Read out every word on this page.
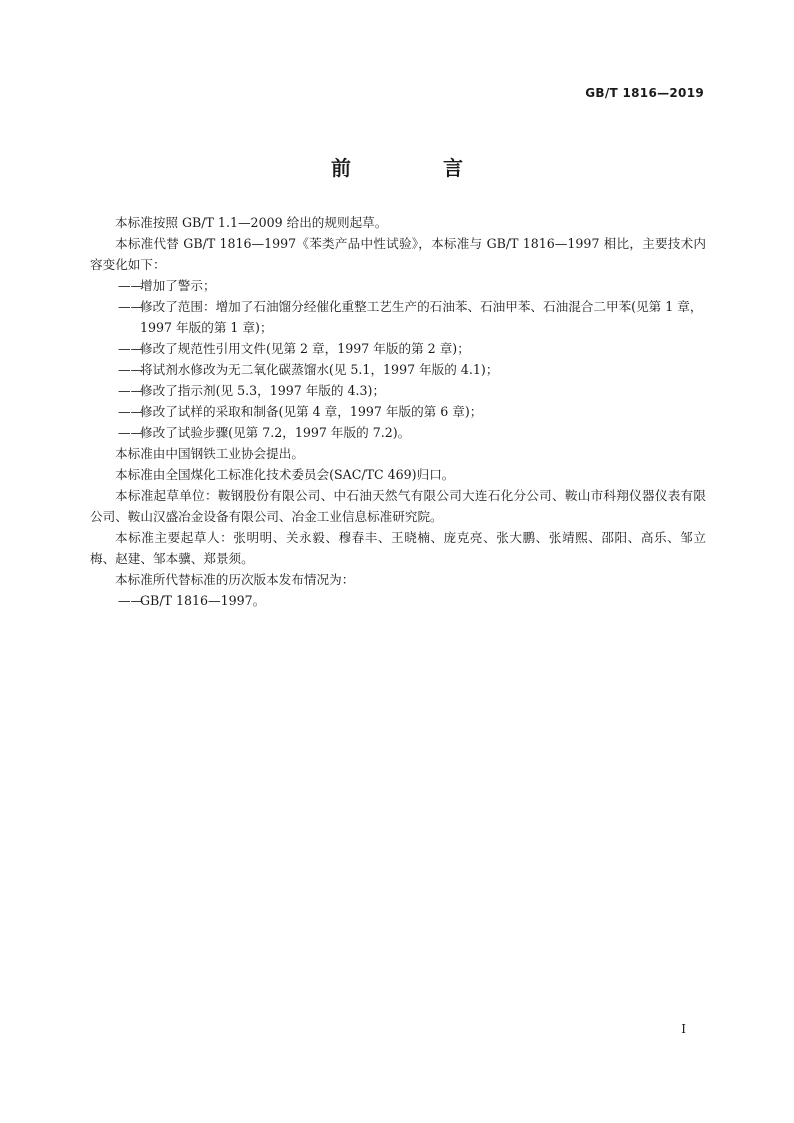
GB/T 1816—2019
前　言

本标准按照 GB/T 1.1—2009 给出的规则起草。

本标准代替 GB/T 1816—1997《苯类产品中性试验》，本标准与 GB/T 1816—1997 相比，主要技术内容变化如下：

——增加了警示；

——修改了范围：增加了石油馏分经催化重整工艺生产的石油苯、石油甲苯、石油混合二甲苯(见第 1 章，1997 年版的第 1 章)；

——修改了规范性引用文件(见第 2 章，1997 年版的第 2 章)；

——将试剂水修改为无二氧化碳蒸馏水(见 5.1，1997 年版的 4.1)；

——修改了指示剂(见 5.3，1997 年版的 4.3)；

——修改了试样的采取和制备(见第 4 章，1997 年版的第 6 章)；

——修改了试验步骤(见第 7.2，1997 年版的 7.2)。

本标准由中国钢铁工业协会提出。

本标准由全国煤化工标准化技术委员会(SAC/TC 469)归口。

本标准起草单位：鞍钢股份有限公司、中石油天然气有限公司大连石化分公司、鞍山市科翔仪器仪表有限公司、鞍山汉盛冶金设备有限公司、冶金工业信息标准研究院。

本标准主要起草人：张明明、关永毅、穆春丰、王晓楠、庞克亮、张大鹏、张靖熙、邵阳、高乐、邹立梅、赵建、邹本骥、郑景须。

本标准所代替标准的历次版本发布情况为：

——GB/T 1816—1997。

I
